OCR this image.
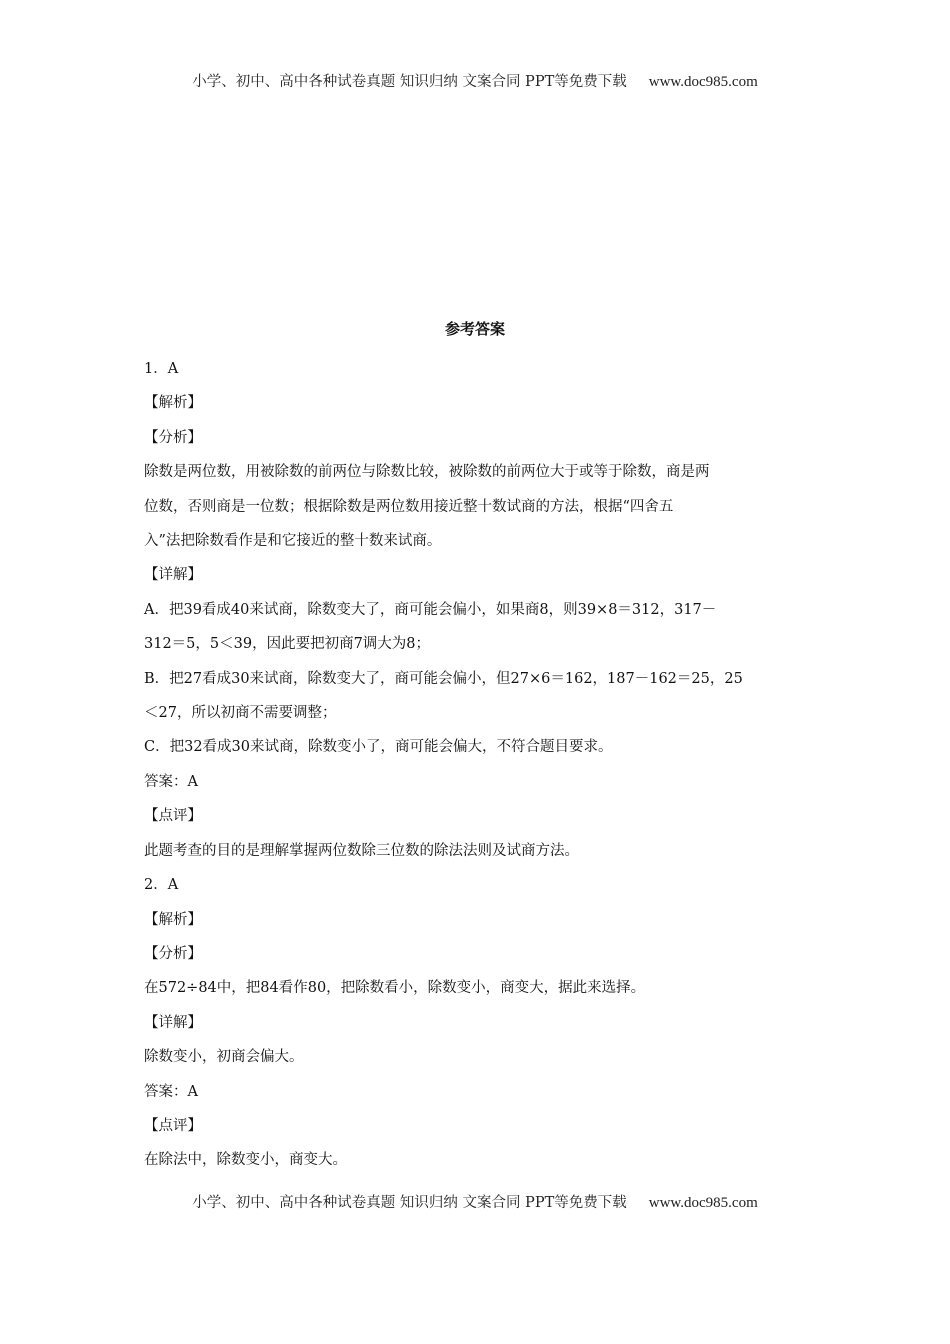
小学、初中、高中各种试卷真题 知识归纳 文案合同 PPT等免费下载 www.doc985.com
参考答案

1．A

【解析】

【分析】

除数是两位数，用被除数的前两位与除数比较，被除数的前两位大于或等于除数，商是两

位数，否则商是一位数；根据除数是两位数用接近整十数试商的方法，根据“四舍五

入”法把除数看作是和它接近的整十数来试商。

【详解】

A．把39看成40来试商，除数变大了，商可能会偏小，如果商8，则39×8＝312，317－

312＝5，5＜39，因此要把初商7调大为8；

B．把27看成30来试商，除数变大了，商可能会偏小，但27×6＝162，187－162＝25，25

＜27，所以初商不需要调整；

C．把32看成30来试商，除数变小了，商可能会偏大，不符合题目要求。

答案：A

【点评】

此题考查的目的是理解掌握两位数除三位数的除法法则及试商方法。

2．A

【解析】

【分析】

在572÷84中，把84看作80，把除数看小，除数变小，商变大，据此来选择。

【详解】

除数变小，初商会偏大。

答案：A

【点评】

在除法中，除数变小，商变大。

小学、初中、高中各种试卷真题 知识归纳 文案合同 PPT等免费下载 www.doc985.com
